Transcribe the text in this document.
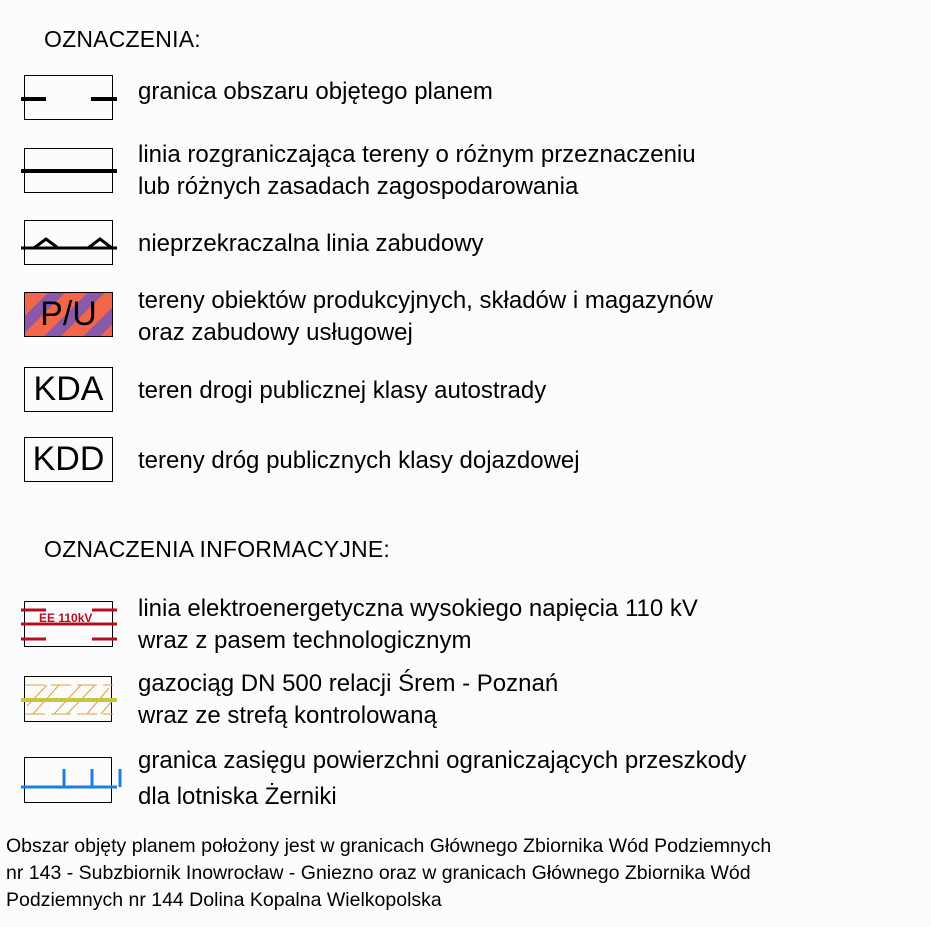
OZNACZENIA:
granica obszaru objętego planem
linia rozgraniczająca tereny o różnym przeznaczeniu
lub różnych zasadach zagospodarowania
nieprzekraczalna linia zabudowy
P/U	tereny obiektów produkcyjnych, składów i magazynów
oraz zabudowy usługowej
KDA	teren drogi publicznej klasy autostrady
KDD	tereny dróg publicznych klasy dojazdowej
OZNACZENIA INFORMACYJNE:
EE 110kV linia elektroenergetyczna wysokiego napięcia 110 kV
wraz z pasem technologicznym
gazociąg DN 500 relacji Śrem - Poznań
wraz ze strefą kontrolowaną
granica zasięgu powierzchni ograniczających przeszkody
dla lotniska Żerniki
Obszar objęty planem położony jest w granicach Głównego Zbiornika Wód Podziemnych
nr 143 - Subzbiornik Inowrocław - Gniezno oraz w granicach Głównego Zbiornika Wód
Podziemnych nr 144 Dolina Kopalna Wielkopolska
